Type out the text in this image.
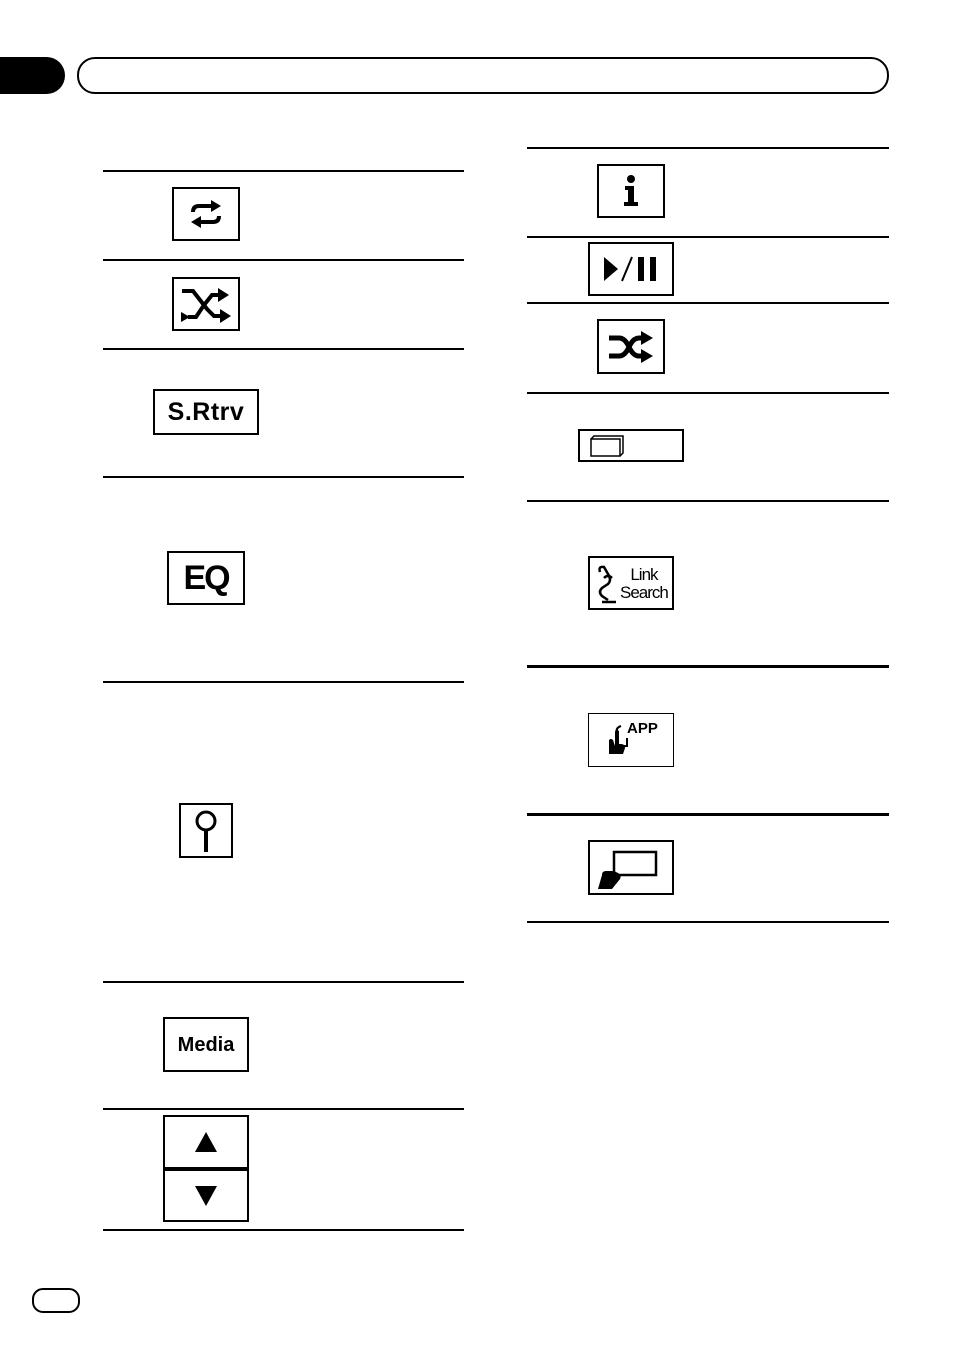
S.Rtrv
EQ
Media
Link
Search
APP
